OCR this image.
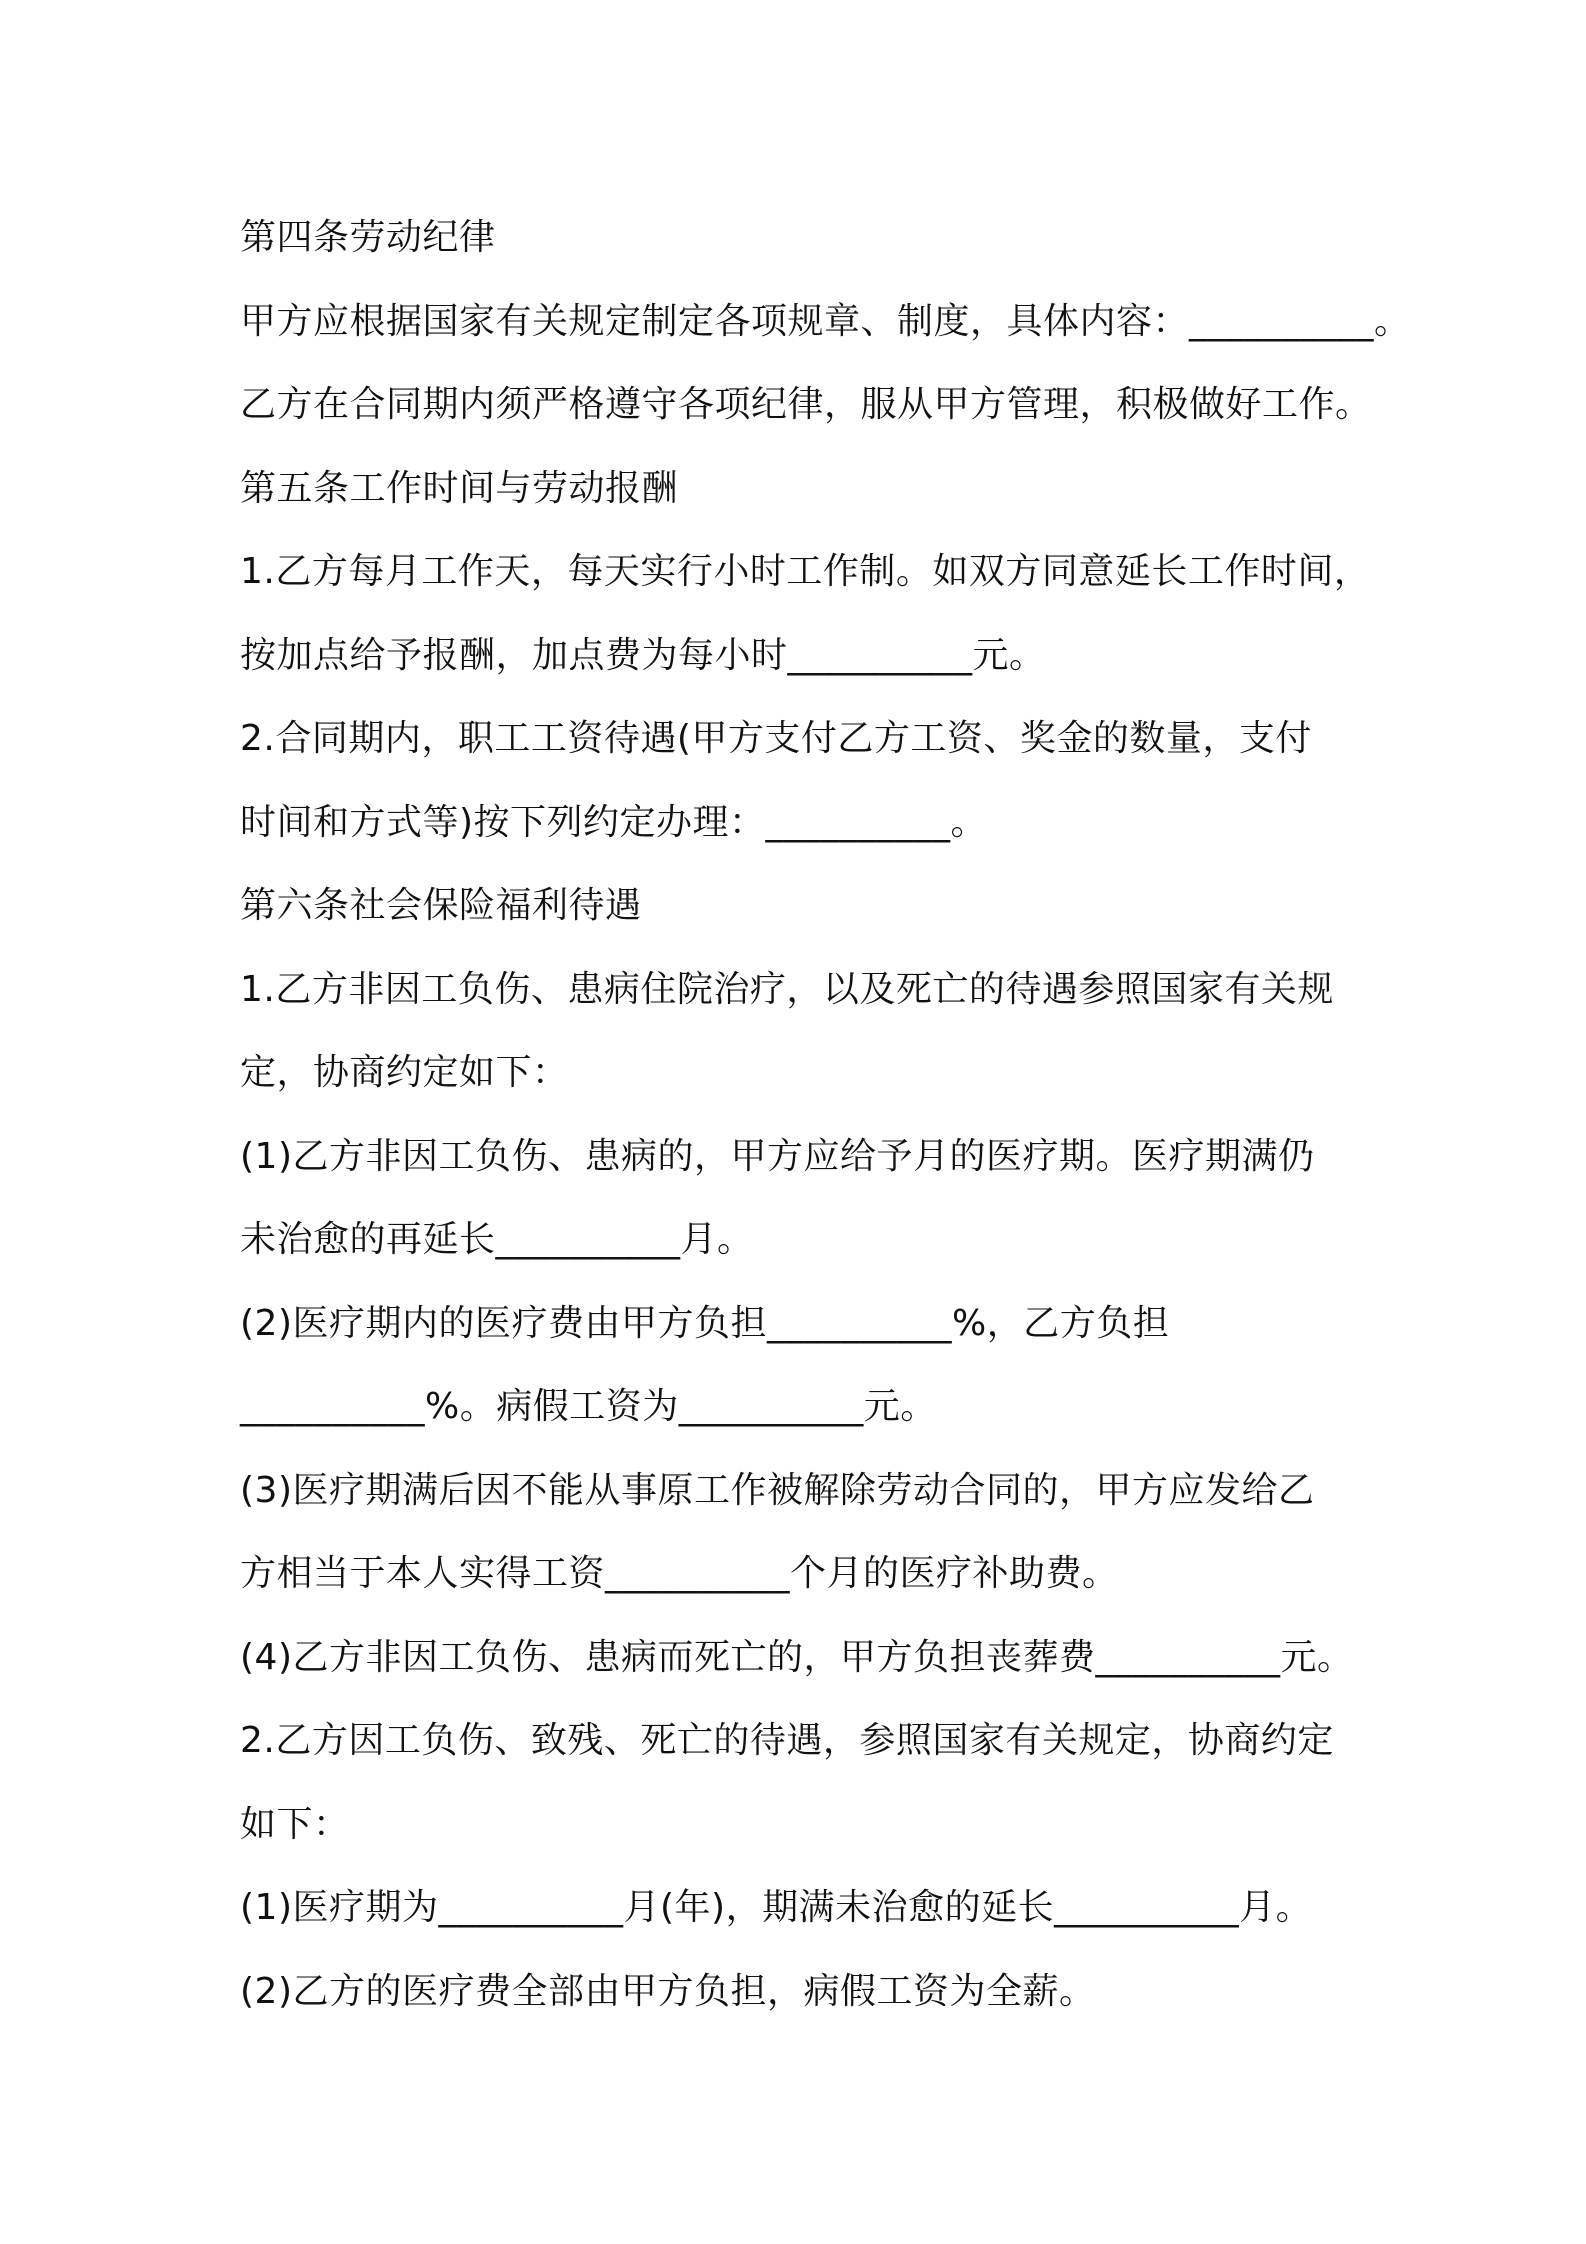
第四条劳动纪律
甲方应根据国家有关规定制定各项规章、制度，具体内容：__________。
乙方在合同期内须严格遵守各项纪律，服从甲方管理，积极做好工作。
第五条工作时间与劳动报酬
1.乙方每月工作天，每天实行小时工作制。如双方同意延长工作时间，
按加点给予报酬，加点费为每小时__________元。
2.合同期内，职工工资待遇(甲方支付乙方工资、奖金的数量，支付
时间和方式等)按下列约定办理：__________。
第六条社会保险福利待遇
1.乙方非因工负伤、患病住院治疗，以及死亡的待遇参照国家有关规
定，协商约定如下：
(1)乙方非因工负伤、患病的，甲方应给予月的医疗期。医疗期满仍
未治愈的再延长__________月。
(2)医疗期内的医疗费由甲方负担__________%，乙方负担
__________%。病假工资为__________元。
(3)医疗期满后因不能从事原工作被解除劳动合同的，甲方应发给乙
方相当于本人实得工资__________个月的医疗补助费。
(4)乙方非因工负伤、患病而死亡的，甲方负担丧葬费__________元。
2.乙方因工负伤、致残、死亡的待遇，参照国家有关规定，协商约定
如下：
(1)医疗期为__________月(年)，期满未治愈的延长__________月。
(2)乙方的医疗费全部由甲方负担，病假工资为全薪。
